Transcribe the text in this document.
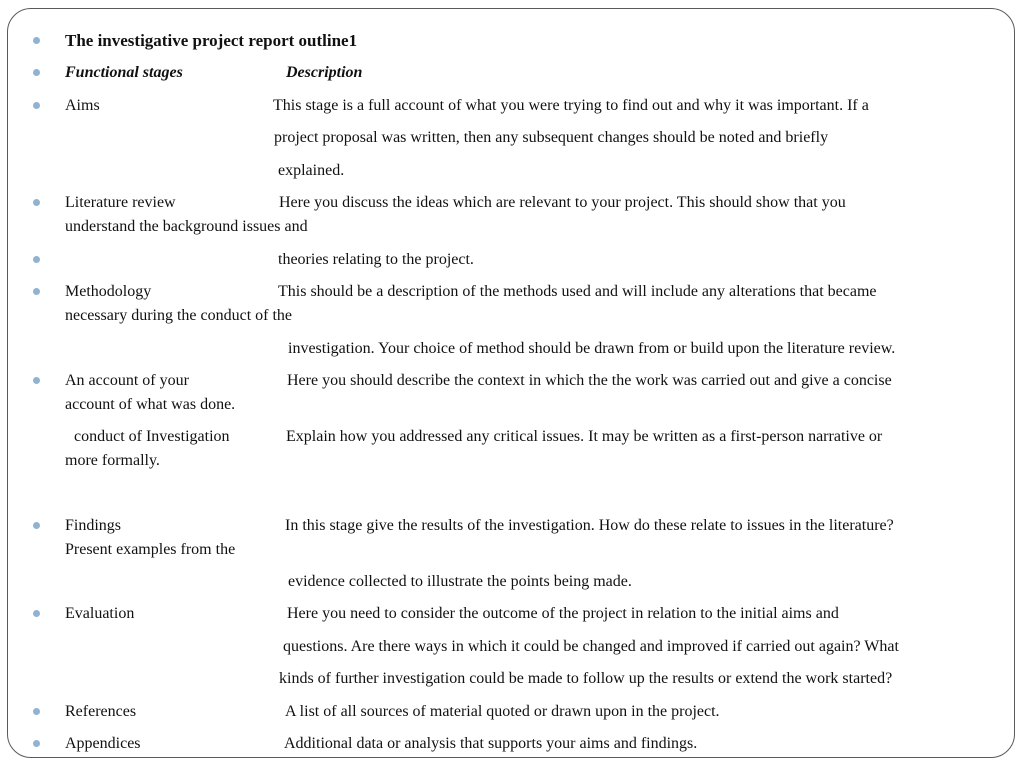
The investigative project report outline1
Functional stages	Description
Aims	This stage is a full account of what you were trying to find out and why it was important. If a
project proposal was written, then any subsequent changes should be noted and briefly
explained.
Literature review	Here you discuss the ideas which are relevant to your project. This should show that you
understand the background issues and
theories relating to the project.
Methodology	This should be a description of the methods used and will include any alterations that became
necessary during the conduct of the
investigation. Your choice of method should be drawn from or build upon the literature review.
An account of your	Here you should describe the context in which the the work was carried out and give a concise
account of what was done.
conduct of Investigation	Explain how you addressed any critical issues. It may be written as a first-person narrative or
more formally.
Findings	In this stage give the results of the investigation. How do these relate to issues in the literature?
Present examples from the
evidence collected to illustrate the points being made.
Evaluation	Here you need to consider the outcome of the project in relation to the initial aims and
questions. Are there ways in which it could be changed and improved if carried out again? What
kinds of further investigation could be made to follow up the results or extend the work started?
References	A list of all sources of material quoted or drawn upon in the project.
Appendices	Additional data or analysis that supports your aims and findings.
